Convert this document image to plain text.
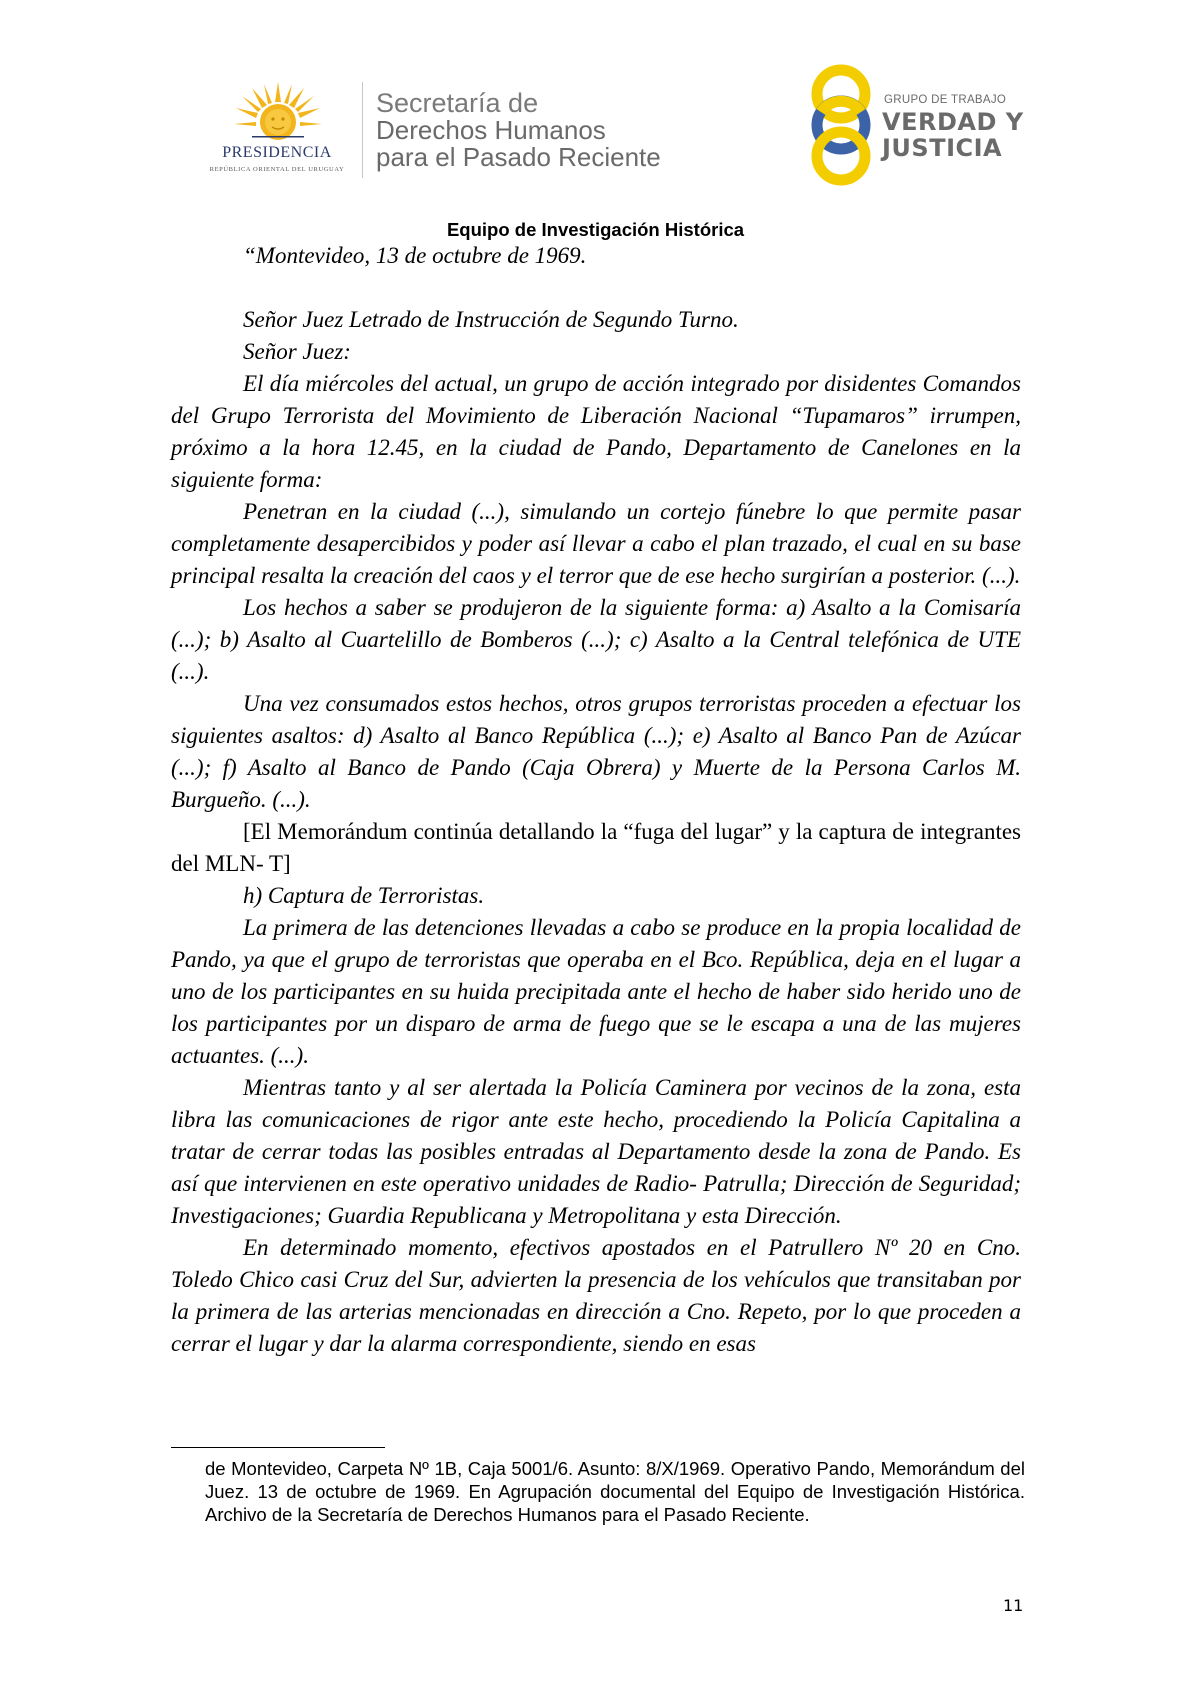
PRESIDENCIA
REPÚBLICA ORIENTAL DEL URUGUAY
Secretaría de
Derechos Humanos
para el Pasado Reciente
GRUPO DE TRABAJO
VERDAD Y
JUSTICIA
Equipo de Investigación Histórica

“Montevideo, 13 de octubre de 1969.

Señor Juez Letrado de Instrucción de Segundo Turno.

Señor Juez:

El día miércoles del actual, un grupo de acción integrado por disidentes Comandos del Grupo Terrorista del Movimiento de Liberación Nacional “Tupamaros” irrumpen, próximo a la hora 12.45, en la ciudad de Pando, Departamento de Canelones en la siguiente forma:

Penetran en la ciudad (...), simulando un cortejo fúnebre lo que permite pasar completamente desapercibidos y poder así llevar a cabo el plan trazado, el cual en su base principal resalta la creación del caos y el terror que de ese hecho surgirían a posterior. (...).

Los hechos a saber se produjeron de la siguiente forma: a) Asalto a la Comisaría (...); b) Asalto al Cuartelillo de Bomberos (...); c) Asalto a la Central telefónica de UTE (...).

Una vez consumados estos hechos, otros grupos terroristas proceden a efectuar los siguientes asaltos: d) Asalto al Banco República (...); e) Asalto al Banco Pan de Azúcar (...); f) Asalto al Banco de Pando (Caja Obrera) y Muerte de la Persona Carlos M. Burgueño. (...).

[El Memorándum continúa detallando la “fuga del lugar” y la captura de integrantes del MLN- T]

h) Captura de Terroristas.

La primera de las detenciones llevadas a cabo se produce en la propia localidad de Pando, ya que el grupo de terroristas que operaba en el Bco. República, deja en el lugar a uno de los participantes en su huida precipitada ante el hecho de haber sido herido uno de los participantes por un disparo de arma de fuego que se le escapa a una de las mujeres actuantes. (...).

Mientras tanto y al ser alertada la Policía Caminera por vecinos de la zona, esta libra las comunicaciones de rigor ante este hecho, procediendo la Policía Capitalina a tratar de cerrar todas las posibles entradas al Departamento desde la zona de Pando. Es así que intervienen en este operativo unidades de Radio- Patrulla; Dirección de Seguridad; Investigaciones; Guardia Republicana y Metropolitana y esta Dirección.

En determinado momento, efectivos apostados en el Patrullero Nº 20 en Cno. Toledo Chico casi Cruz del Sur, advierten la presencia de los vehículos que transitaban por la primera de las arterias mencionadas en dirección a Cno. Repeto, por lo que proceden a cerrar el lugar y dar la alarma correspondiente, siendo en esas

de Montevideo, Carpeta Nº 1B, Caja 5001/6. Asunto: 8/X/1969. Operativo Pando, Memorándum del Juez. 13 de octubre de 1969. En Agrupación documental del Equipo de Investigación Histórica. Archivo de la Secretaría de Derechos Humanos para el Pasado Reciente.
11
